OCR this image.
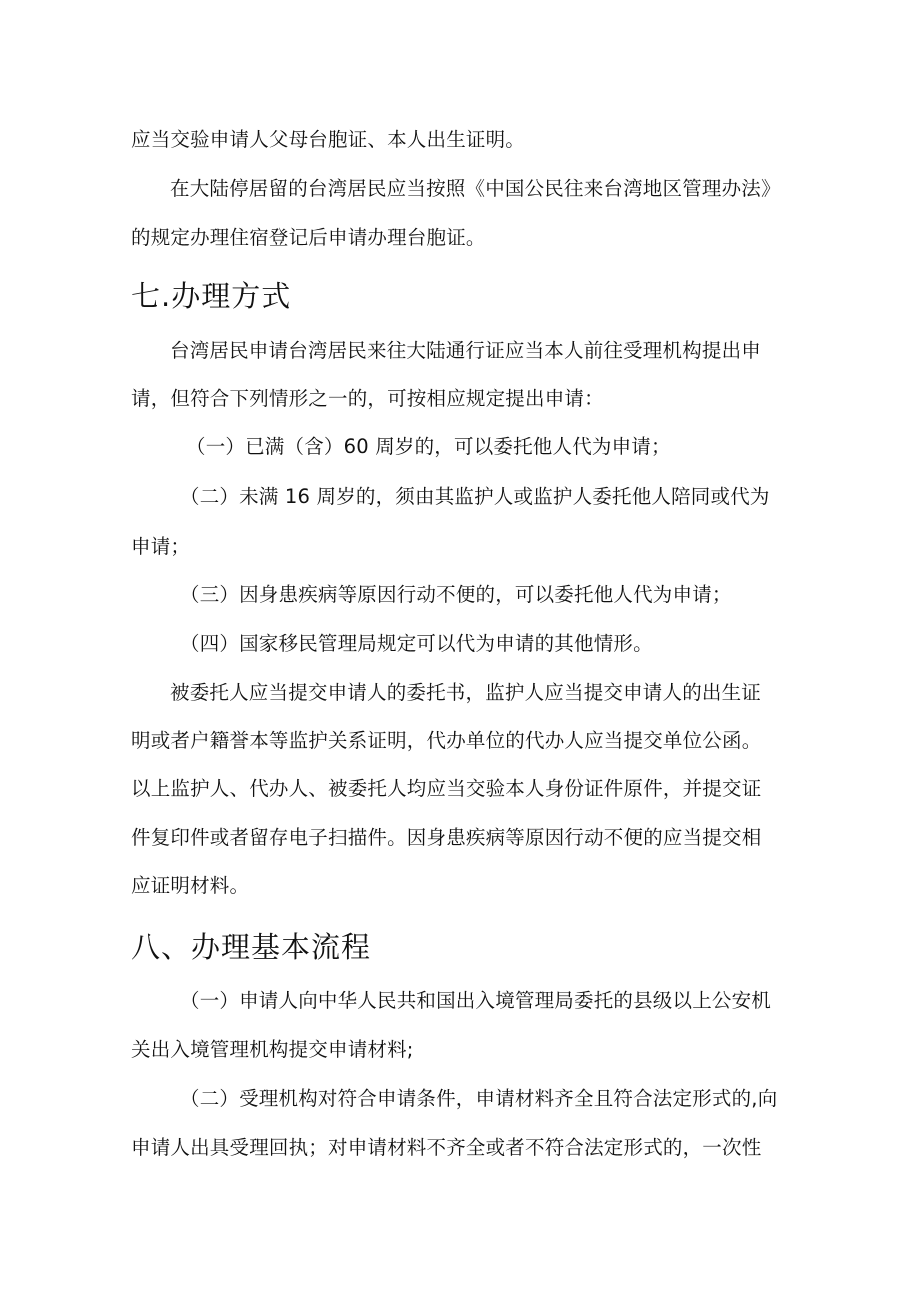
应当交验申请人父母台胞证、本人出生证明。
在大陆停居留的台湾居民应当按照《中国公民往来台湾地区管理办法》
的规定办理住宿登记后申请办理台胞证。
七.办理方式
台湾居民申请台湾居民来往大陆通行证应当本人前往受理机构提出申
请，但符合下列情形之一的，可按相应规定提出申请：
（一）已满（含）60 周岁的，可以委托他人代为申请；
（二）未满 16 周岁的，须由其监护人或监护人委托他人陪同或代为
申请；
（三）因身患疾病等原因行动不便的，可以委托他人代为申请；
（四）国家移民管理局规定可以代为申请的其他情形。
被委托人应当提交申请人的委托书，监护人应当提交申请人的出生证
明或者户籍誉本等监护关系证明，代办单位的代办人应当提交单位公函。
以上监护人、代办人、被委托人均应当交验本人身份证件原件，并提交证
件复印件或者留存电子扫描件。因身患疾病等原因行动不便的应当提交相
应证明材料。
八、办理基本流程
（一）申请人向中华人民共和国出入境管理局委托的县级以上公安机
关出入境管理机构提交申请材料;
（二）受理机构对符合申请条件，申请材料齐全且符合法定形式的,向
申请人出具受理回执；对申请材料不齐全或者不符合法定形式的，一次性
